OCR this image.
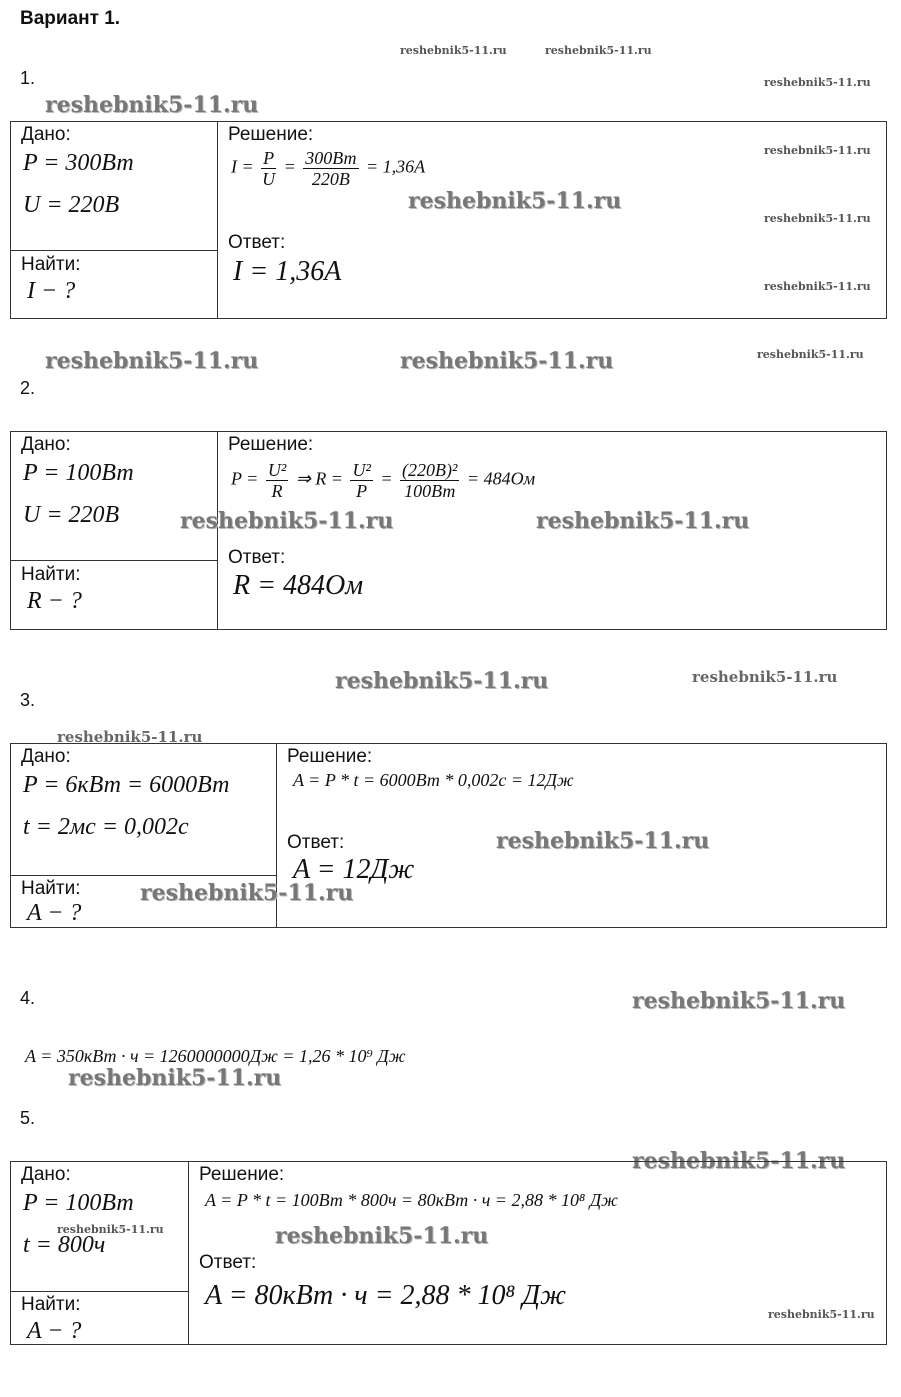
Вариант 1.
reshebnik5-11.ru	reshebnik5-11.ru
reshebnik5-11.ru
reshebnik5-11.ru
reshebnik5-11.ru
reshebnik5-11.ru
reshebnik5-11.ru
reshebnik5-11.ru
reshebnik5-11.ru	reshebnik5-11.ru
reshebnik5-11.ru	reshebnik5-11.ru
reshebnik5-11.ru
reshebnik5-11.ru
reshebnik5-11.ru
reshebnik5-11.ru
1.
Дано:
P = 300Вт
U = 220В
Найти:
I − ?
Решение:
$I = \frac{P}{U} = \frac{300Вт}{220В} = 1,36А$
Ответ:
I = 1,36А
reshebnik5-11.ru
2.
Дано:
P = 100Вт
U = 220В
Найти:
R − ?
Решение:
$P = \frac{\text{U²}}{R}$ ⇒ $R = \frac{\text{U²}}{P} = \frac{\text{(220В)²}}{100Вт} = 484Ом$
Ответ:
R = 484Ом
reshebnik5-11.ru	reshebnik5-11.ru
3.
Дано:
P = 6кВт = 6000Вт
t = 2мс = 0,002с
Найти:
A − ?
Решение:
A = P * t = 6000Вт * 0,002с = 12Дж
Ответ:
A = 12Дж
reshebnik5-11.ru
reshebnik5-11.ru
4.
A = 350кВт · ч = 1260000000Дж = 1,26 * 10⁹ Дж
reshebnik5-11.ru
5.
Дано:
P = 100Вт
t = 800ч
Найти:
A − ?
Решение:
A = P * t = 100Вт * 800ч = 80кВт · ч = 2,88 * 10⁸ Дж
Ответ:
A = 80кВт · ч = 2,88 * 10⁸ Дж
reshebnik5-11.ru	reshebnik5-11.ru
